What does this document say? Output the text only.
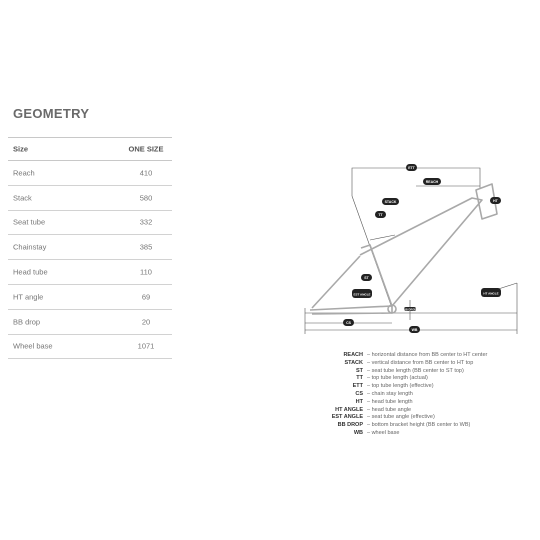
GEOMETRY
Size	ONE SIZE
Reach	410
Stack	580
Seat tube	332
Chainstay	385
Head tube	110
HT angle	69
BB drop	20
Wheel base	1071
BB DROP
ETT
REACH
STACK	HT
ST
TT
EST ANGLE	HT ANGLE
CS
WB
REACH – horizontal distance from BB center to HT center
STACK – vertical distance from BB center to HT top
ST – seat tube length (BB center to ST top)
TT – top tube length (actual)
ETT – top tube length (effective)
CS – chain stay length
HT – head tube length
HT ANGLE – head tube angle
EST ANGLE – seat tube angle (effective)
BB DROP – bottom bracket height (BB center to WB)
WB – wheel base
